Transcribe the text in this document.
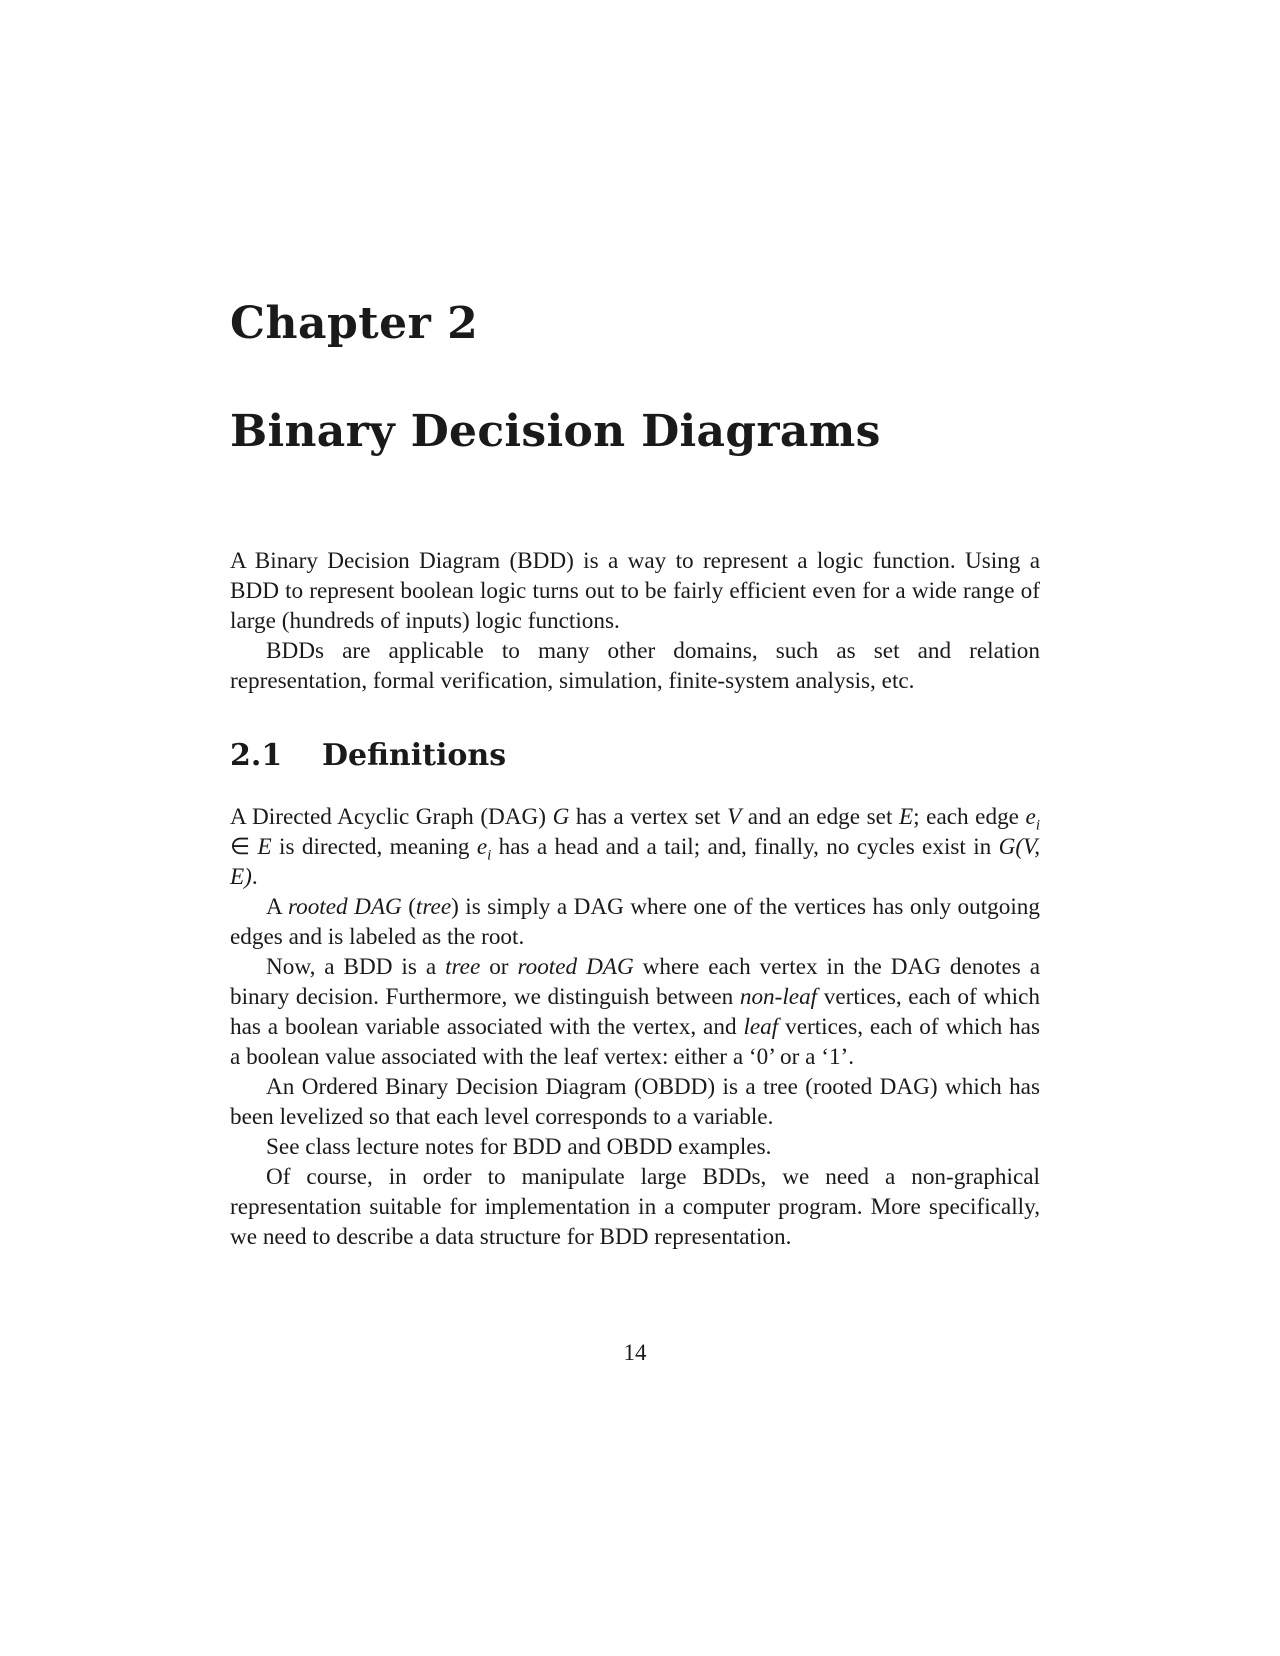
Chapter 2
Binary Decision Diagrams

A Binary Decision Diagram (BDD) is a way to represent a logic function. Using a BDD to represent boolean logic turns out to be fairly efficient even for a wide range of large (hundreds of inputs) logic functions.

BDDs are applicable to many other domains, such as set and relation representation, formal verification, simulation, finite-system analysis, etc.

2.1 Definitions

A Directed Acyclic Graph (DAG) G has a vertex set V and an edge set E; each edge $e_i$ ∈ E is directed, meaning $e_i$ has a head and a tail; and, finally, no cycles exist in G(V, E).

A rooted DAG (tree) is simply a DAG where one of the vertices has only outgoing edges and is labeled as the root.

Now, a BDD is a tree or rooted DAG where each vertex in the DAG denotes a binary decision. Furthermore, we distinguish between non-leaf vertices, each of which has a boolean variable associated with the vertex, and leaf vertices, each of which has a boolean value associated with the leaf vertex: either a ‘0’ or a ‘1’.

An Ordered Binary Decision Diagram (OBDD) is a tree (rooted DAG) which has been levelized so that each level corresponds to a variable.

See class lecture notes for BDD and OBDD examples.

Of course, in order to manipulate large BDDs, we need a non-graphical representation suitable for implementation in a computer program. More specifically, we need to describe a data structure for BDD representation.

14
